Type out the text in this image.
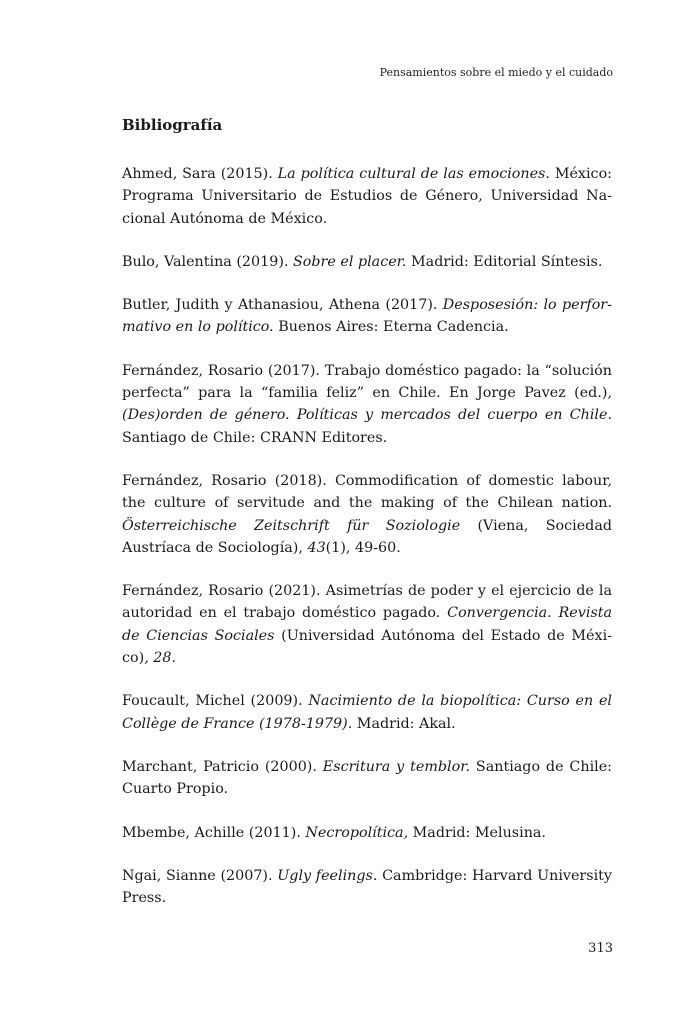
Pensamientos sobre el miedo y el cuidado
Bibliografía
Ahmed, Sara (2015). La política cultural de las emociones. México: Programa Universitario de Estudios de Género, Universidad Nacional Autónoma de México.
Bulo, Valentina (2019). Sobre el placer. Madrid: Editorial Síntesis.
Butler, Judith y Athanasiou, Athena (2017). Desposesión: lo performativo en lo político. Buenos Aires: Eterna Cadencia.
Fernández, Rosario (2017). Trabajo doméstico pagado: la “solución perfecta” para la “familia feliz” en Chile. En Jorge Pavez (ed.), (Des)orden de género. Políticas y mercados del cuerpo en Chile. Santiago de Chile: CRANN Editores.
Fernández, Rosario (2018). Commodification of domestic labour, the culture of servitude and the making of the Chilean nation. Österreichische Zeitschrift für Soziologie (Viena, Sociedad Austríaca de Sociología), 43(1), 49-60.
Fernández, Rosario (2021). Asimetrías de poder y el ejercicio de la autoridad en el trabajo doméstico pagado. Convergencia. Revista de Ciencias Sociales (Universidad Autónoma del Estado de México), 28.
Foucault, Michel (2009). Nacimiento de la biopolítica: Curso en el Collège de France (1978-1979). Madrid: Akal.
Marchant, Patricio (2000). Escritura y temblor. Santiago de Chile: Cuarto Propio.
Mbembe, Achille (2011). Necropolítica, Madrid: Melusina.
Ngai, Sianne (2007). Ugly feelings. Cambridge: Harvard University Press.
313
